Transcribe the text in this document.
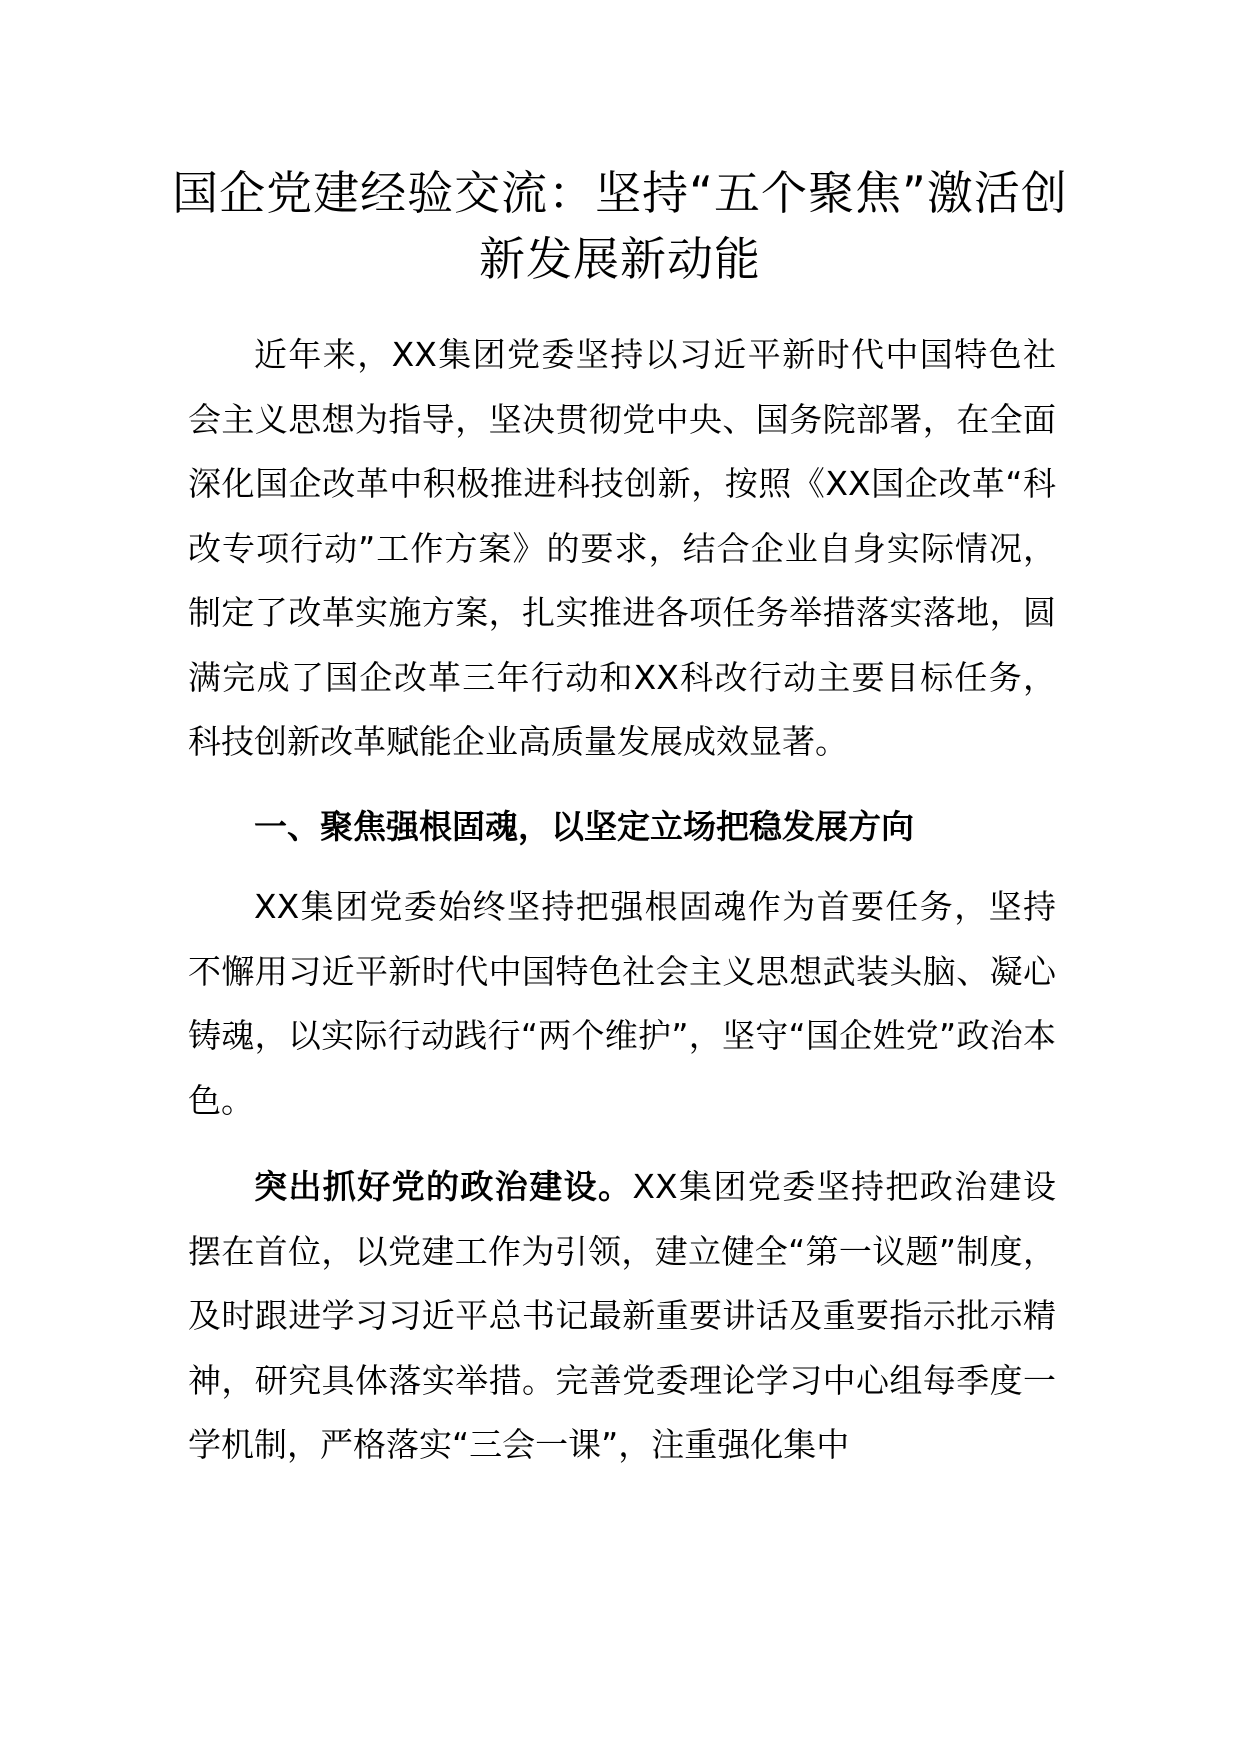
国企党建经验交流：坚持“五个聚焦”激活创新发展新动能

近年来，XX集团党委坚持以习近平新时代中国特色社会主义思想为指导，坚决贯彻党中央、国务院部署，在全面深化国企改革中积极推进科技创新，按照《XX国企改革“科改专项行动”工作方案》的要求，结合企业自身实际情况，制定了改革实施方案，扎实推进各项任务举措落实落地，圆满完成了国企改革三年行动和XX科改行动主要目标任务，科技创新改革赋能企业高质量发展成效显著。

一、聚焦强根固魂，以坚定立场把稳发展方向

XX集团党委始终坚持把强根固魂作为首要任务，坚持不懈用习近平新时代中国特色社会主义思想武装头脑、凝心铸魂，以实际行动践行“两个维护”，坚守“国企姓党”政治本色。

突出抓好党的政治建设。XX集团党委坚持把政治建设摆在首位，以党建工作为引领，建立健全“第一议题”制度，及时跟进学习习近平总书记最新重要讲话及重要指示批示精神，研究具体落实举措。完善党委理论学习中心组每季度一学机制，严格落实“三会一课”，注重强化集中
